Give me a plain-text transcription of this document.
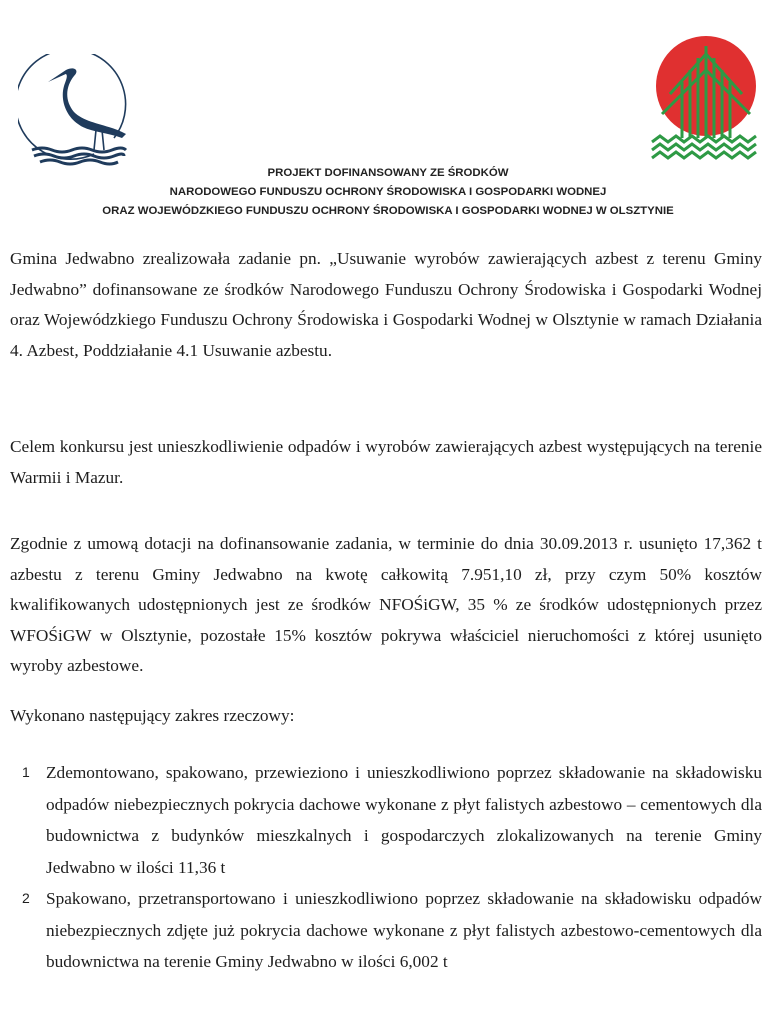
PROJEKT DOFINANSOWANY ZE ŚRODKÓW
NARODOWEGO FUNDUSZU OCHRONY ŚRODOWISKA I GOSPODARKI WODNEJ
ORAZ WOJEWÓDZKIEGO FUNDUSZU OCHRONY ŚRODOWISKA I GOSPODARKI WODNEJ W OLSZTYNIE

Gmina Jedwabno zrealizowała zadanie pn. „Usuwanie wyrobów zawierających azbest z terenu Gminy Jedwabno” dofinansowane ze środków Narodowego Funduszu Ochrony Środowiska i Gospodarki Wodnej oraz Wojewódzkiego Funduszu Ochrony Środowiska i Gospodarki Wodnej w Olsztynie w ramach Działania 4. Azbest, Poddziałanie 4.1 Usuwanie azbestu.

Celem konkursu jest unieszkodliwienie odpadów i wyrobów zawierających azbest występujących na terenie Warmii i Mazur.

Zgodnie z umową dotacji na dofinansowanie zadania, w terminie do dnia 30.09.2013 r. usunięto 17,362 t azbestu z terenu Gminy Jedwabno na kwotę całkowitą 7.951,10 zł, przy czym 50% kosztów kwalifikowanych udostępnionych jest ze środków NFOŚiGW, 35 % ze środków udostępnionych przez WFOŚiGW w Olsztynie, pozostałe 15% kosztów pokrywa właściciel nieruchomości z której usunięto wyroby azbestowe.

Wykonano następujący zakres rzeczowy:

1 Zdemontowano, spakowano, przewieziono i unieszkodliwiono poprzez składowanie na składowisku odpadów niebezpiecznych pokrycia dachowe wykonane z płyt falistych azbestowo – cementowych dla budownictwa z budynków mieszkalnych i gospodarczych zlokalizowanych na terenie Gminy Jedwabno w ilości 11,36 t
2 Spakowano, przetransportowano i unieszkodliwiono poprzez składowanie na składowisku odpadów niebezpiecznych zdjęte już pokrycia dachowe wykonane z płyt falistych azbestowo-cementowych dla budownictwa na terenie Gminy Jedwabno w ilości 6,002 t
